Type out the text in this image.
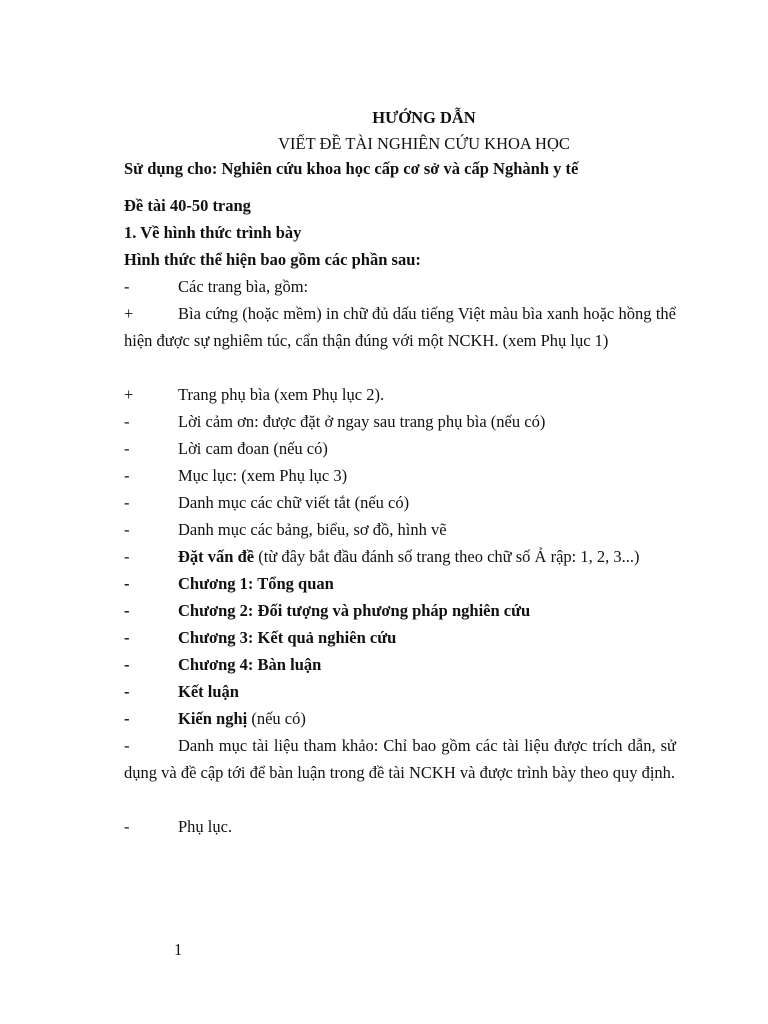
HƯỚNG DẪN
VIẾT ĐỀ TÀI NGHIÊN CỨU KHOA HỌC
Sử dụng cho: Nghiên cứu khoa học cấp cơ sở và cấp Nghành y tế
Đề tài 40-50 trang
1. Về hình thức trình bày
Hình thức thể hiện bao gồm các phần sau:
-	Các trang bìa, gồm:
+	Bìa cứng (hoặc mềm) in chữ đủ dấu tiếng Việt màu bìa xanh hoặc hồng thể hiện được sự nghiêm túc, cẩn thận đúng với một NCKH. (xem Phụ lục 1)
+	Trang phụ bìa (xem Phụ lục 2).
-	Lời cảm ơn: được đặt ở ngay sau trang phụ bìa (nếu có)
-	Lời cam đoan (nếu có)
-	Mục lục: (xem Phụ lục 3)
-	Danh mục các chữ viết tắt (nếu có)
-	Danh mục các bảng, biểu, sơ đồ, hình vẽ
-	Đặt vấn đề (từ đây bắt đầu đánh số trang theo chữ số Ả rập: 1, 2, 3...)
-	Chương 1: Tổng quan
-	Chương 2: Đối tượng và phương pháp nghiên cứu
-	Chương 3: Kết quả nghiên cứu
-	Chương 4: Bàn luận
-	Kết luận
-	Kiến nghị (nếu có)
-	Danh mục tài liệu tham khảo: Chỉ bao gồm các tài liệu được trích dẫn, sử dụng và đề cập tới để bàn luận trong đề tài NCKH và được trình bày theo quy định.
-	Phụ lục.
1
